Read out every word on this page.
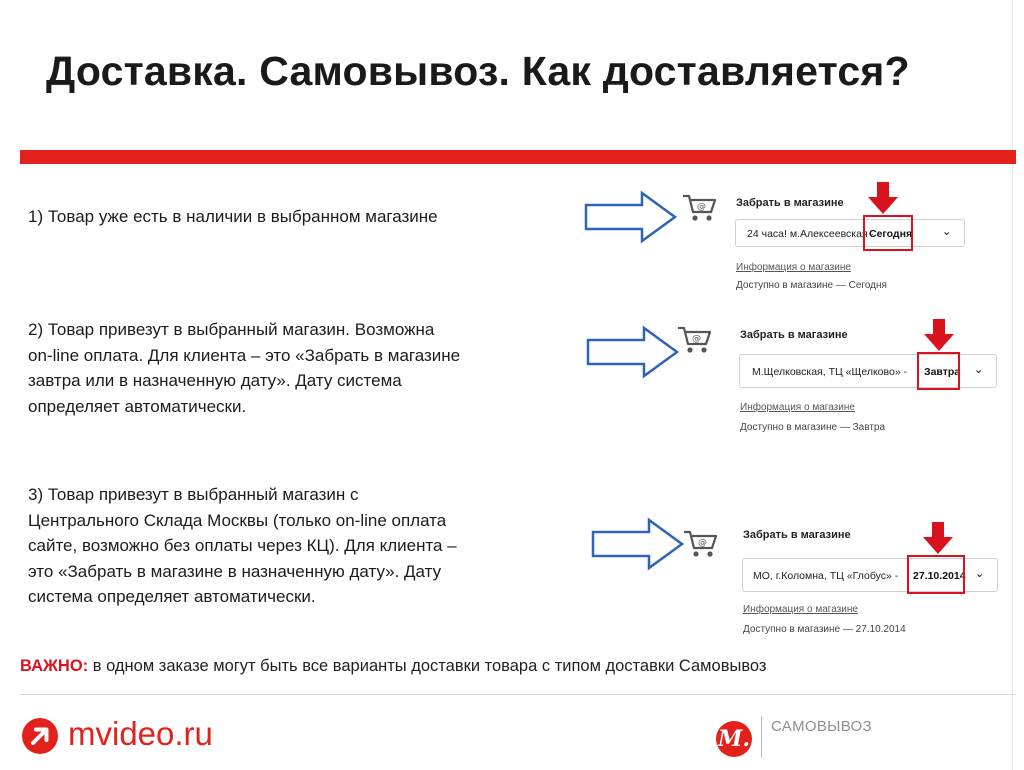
Доставка. Самовывоз. Как доставляется?
1) Товар уже есть в наличии в выбранном магазине	@	Забрать в магазине
24 часа! м.Алексеевская ·
Сегодня	⌄
Информация о магазине
Доступно в магазине — Сегодня
2) Товар привезут в выбранный магазин. Возможна
on-line оплата. Для клиента – это «Забрать в магазине
завтра или в назначенную дату». Дату система
определяет автоматически.
@	Забрать в магазине
М.Щелковская, ТЦ «Щелково» - Завтра ⌄
Информация о магазине
Доступно в магазине — Завтра
3) Товар привезут в выбранный магазин с
Центрального Склада Москвы (только on-line оплата
сайте, возможно без оплаты через КЦ). Для клиента –
это «Забрать в магазине в назначенную дату». Дату
система определяет автоматически.
@
Забрать в магазине
МО, г.Коломна, ТЦ «Глобус» - 27.10.2014 ⌄
Информация о магазине
Доступно в магазине — 27.10.2014
ВАЖНО: в одном заказе могут быть все варианты доставки товара с типом доставки Самовывоз
mvideo.ru	М. САМОВЫВОЗ
